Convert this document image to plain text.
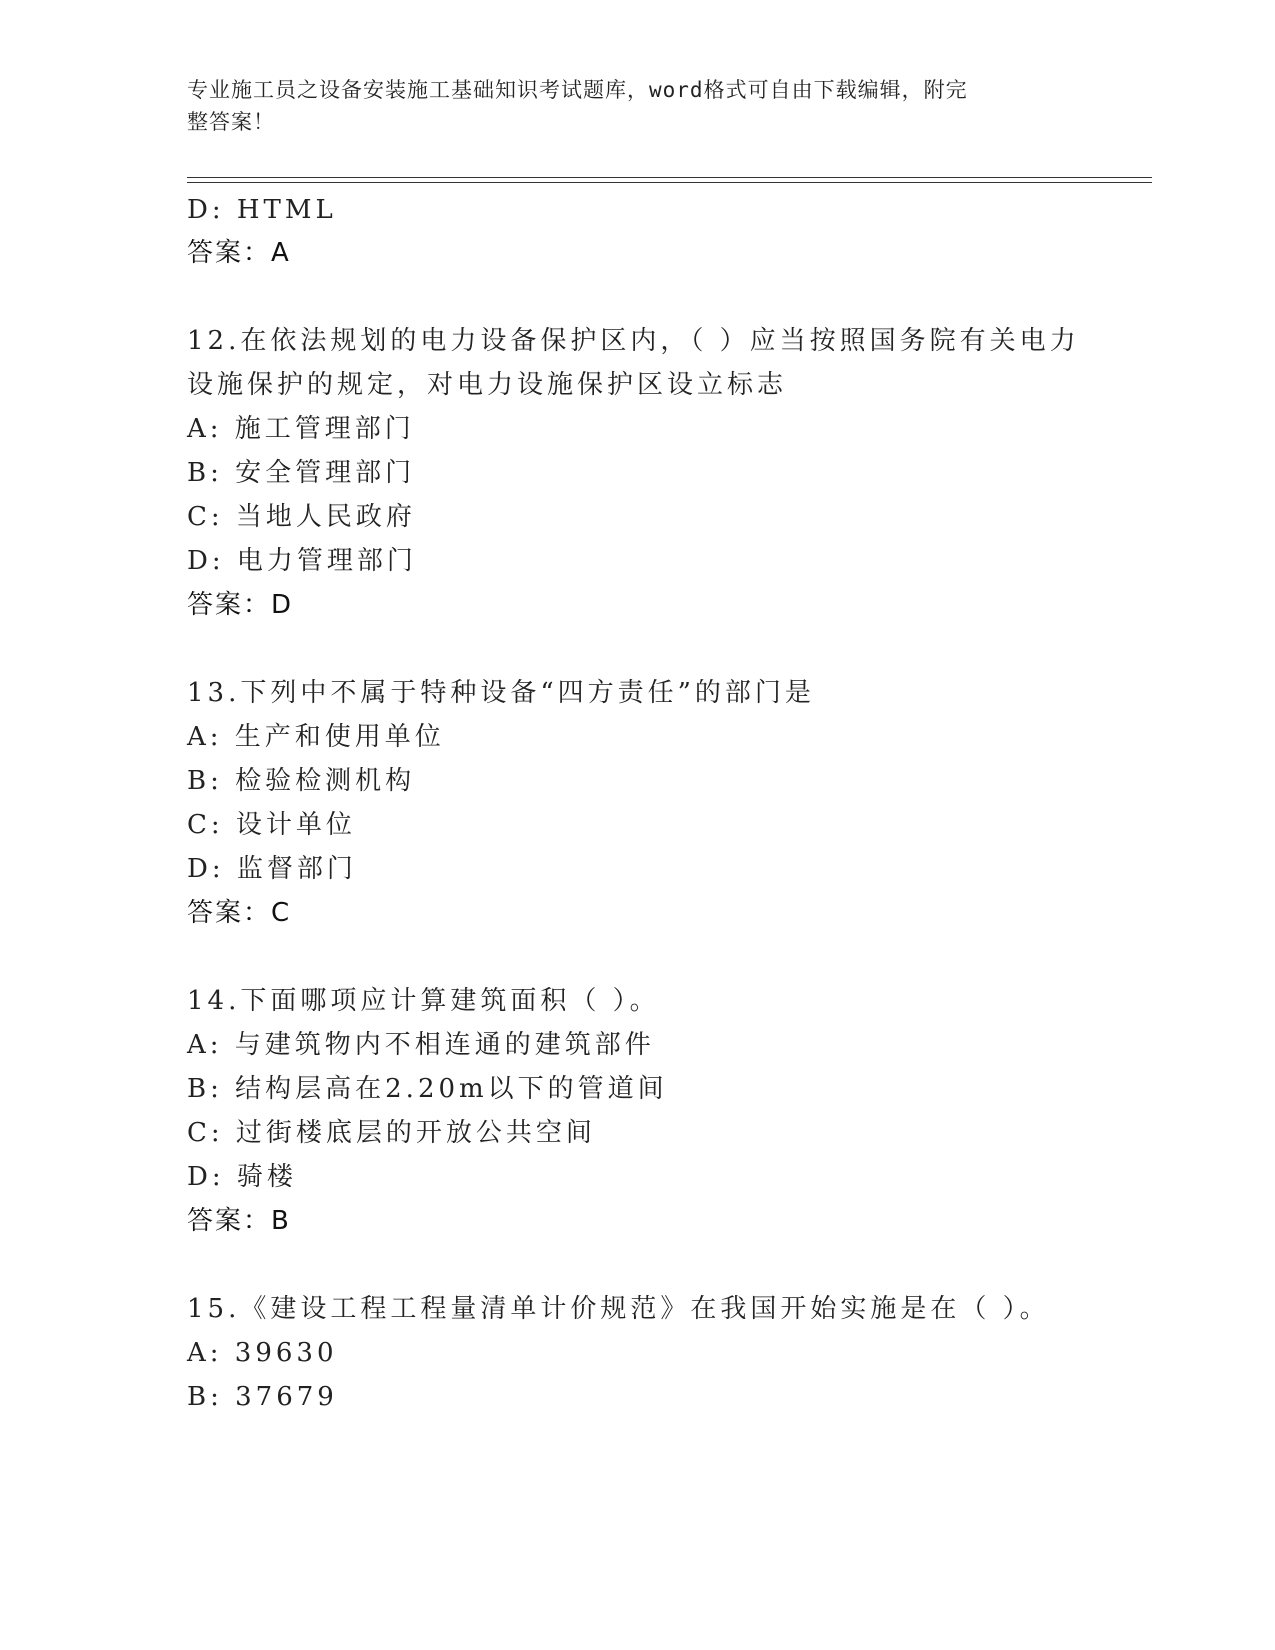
专业施工员之设备安装施工基础知识考试题库，word格式可自由下载编辑，附完
整答案！
D: HTML
答案：A
12.在依法规划的电力设备保护区内，（ ）应当按照国务院有关电力
设施保护的规定，对电力设施保护区设立标志
A: 施工管理部门
B: 安全管理部门
C: 当地人民政府
D: 电力管理部门
答案：D
13.下列中不属于特种设备“四方责任”的部门是
A: 生产和使用单位
B: 检验检测机构
C: 设计单位
D: 监督部门
答案：C
14.下面哪项应计算建筑面积（ ）。
A: 与建筑物内不相连通的建筑部件
B: 结构层高在2.20m以下的管道间
C: 过街楼底层的开放公共空间
D: 骑楼
答案：B
15.《建设工程工程量清单计价规范》在我国开始实施是在（ ）。
A: 39630
B: 37679
